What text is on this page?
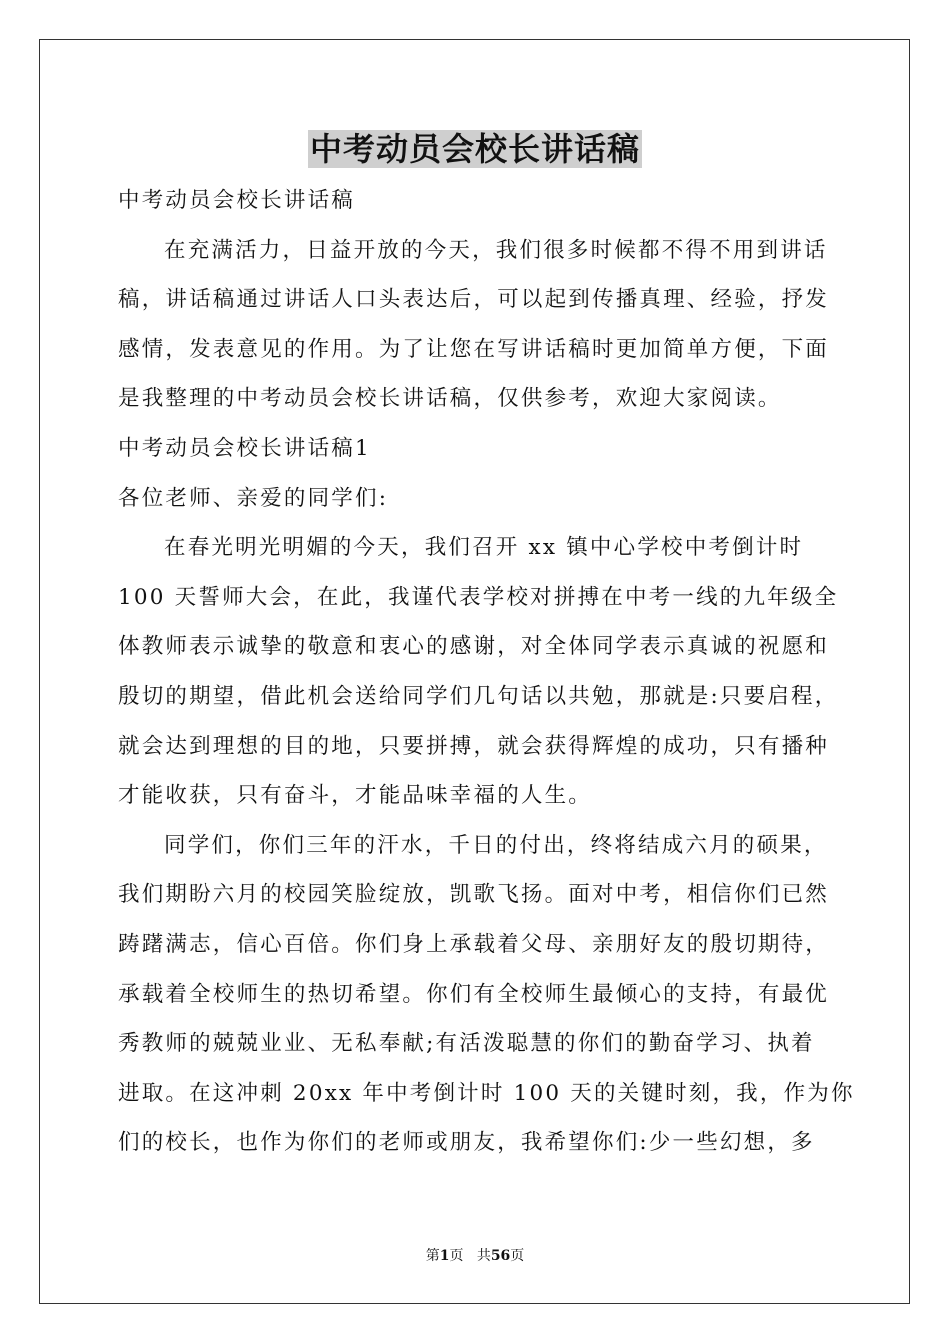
中考动员会校长讲话稿

中考动员会校长讲话稿

在充满活力，日益开放的今天，我们很多时候都不得不用到讲话

稿，讲话稿通过讲话人口头表达后，可以起到传播真理、经验，抒发

感情，发表意见的作用。为了让您在写讲话稿时更加简单方便，下面

是我整理的中考动员会校长讲话稿，仅供参考，欢迎大家阅读。

中考动员会校长讲话稿1

各位老师、亲爱的同学们:

在春光明光明媚的今天，我们召开 xx 镇中心学校中考倒计时

100 天誓师大会，在此，我谨代表学校对拼搏在中考一线的九年级全

体教师表示诚挚的敬意和衷心的感谢，对全体同学表示真诚的祝愿和

殷切的期望，借此机会送给同学们几句话以共勉，那就是:只要启程，

就会达到理想的目的地，只要拼搏，就会获得辉煌的成功，只有播种

才能收获，只有奋斗，才能品味幸福的人生。

同学们，你们三年的汗水，千日的付出，终将结成六月的硕果，

我们期盼六月的校园笑脸绽放，凯歌飞扬。面对中考，相信你们已然

踌躇满志，信心百倍。你们身上承载着父母、亲朋好友的殷切期待，

承载着全校师生的热切希望。你们有全校师生最倾心的支持，有最优

秀教师的兢兢业业、无私奉献;有活泼聪慧的你们的勤奋学习、执着

进取。在这冲刺 20xx 年中考倒计时 100 天的关键时刻，我，作为你

们的校长，也作为你们的老师或朋友，我希望你们:少一些幻想，多

第1页 共56页
